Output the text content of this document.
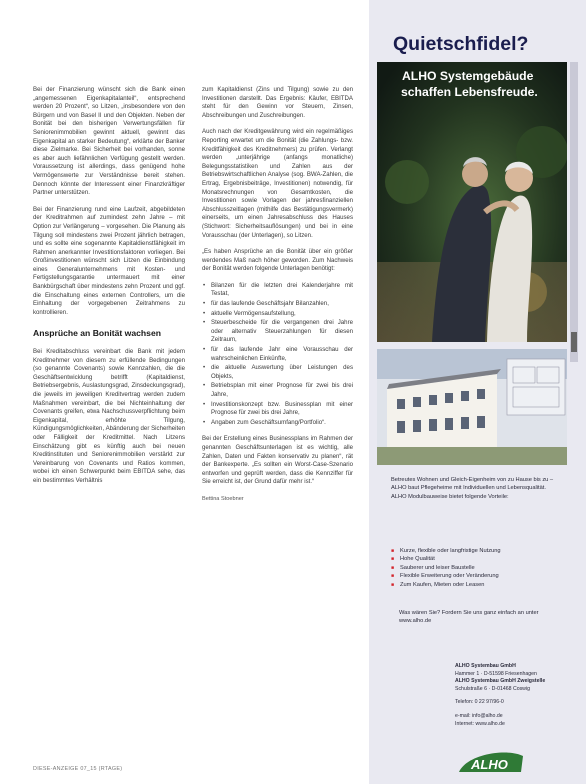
Bei der Finanzierung wünscht sich die Bank einen „angemessenen Eigenkapitalanteil“, entsprechend werden 20 Prozent“, so Litzen, „insbesondere von den Bürgern und von Basel II und den Objekten. Neben der Bonität bei den bisherigen Verwertungsfällen für Seniorenimmobilien gewinnt aktuell, gewinnt das Eigenkapital an starker Bedeutung“, erklärte der Banker diese Zielmarke. Bei Sicherheit bei vorhanden, sonne es aber auch liefähnlichen Verfügung gestellt werden. Voraussetzung ist allerdings, dass genügend hohe Vermögenswerte zur Verständnisse bereit stehen. Dennoch könnte der Interessent einer Finanzkräftiger Partner unterstützen.

Bei der Finanzierung rund eine Laufzeit, abgebildeten der Kreditrahmen auf zumindest zehn Jahre – mit Option zur Verlängerung – vorgesehen. Die Planung als Tilgung soll mindestens zwei Prozent jährlich betragen, und es sollte eine sogenannte Kapitaldienstfähigkeit im Rahmen anerkannter Investitionsfaktoren vorliegen. Bei Großinvestitionen wünscht sich Litzen die Einbindung eines Generalunternehmens mit Kosten- und Fertigstellungsgarantie untermauert mit einer Bankbürgschaft über mindestens zehn Prozent und ggf. die Einschaltung eines externen Controllers, um die Einhaltung der vorgegebenen Zeitrahmens zu kontrollieren.

Ansprüche an Bonität wachsen

Bei Kreditabschluss vereinbart die Bank mit jedem Kreditnehmer von diesem zu erfüllende Bedingungen (so genannte Covenants) sowie Kennzahlen, die die Geschäftsentwicklung betrifft (Kapitaldienst, Betriebsergebnis, Auslastungsgrad, Zinsdeckungsgrad), die jeweils im jeweiligen Kreditvertrag werden zudem Maßnahmen vereinbart, die bei Nichteinhaltung der Covenants greifen, etwa Nachschussverpflichtung beim Eigenkapital, erhöhte Tilgung, Kündigungsmöglichkeiten, Abänderung der Sicherheiten oder Fälligkeit der Kreditmittel. Nach Litzens Einschätzung gibt es künftig auch bei neuen Kreditinstituten und Seniorenimmobilien verstärkt zur Vereinbarung von Covenants und Ratios kommen, wobei ich einen Schwerpunkt beim EBITDA sehe, das ein bestimmtes Verhältnis

zum Kapitaldienst (Zins und Tilgung) sowie zu den Investitionen darstellt. Das Ergebnis: Käufer, EBITDA steht für den Gewinn vor Steuern, Zinsen, Abschreibungen und Zuschreibungen.

Auch nach der Kreditgewährung wird ein regelmäßiges Reporting erwartet um die Bonität (die Zahlungs- bzw. Kreditfähigkeit des Kreditnehmers) zu prüfen. Verlangt werden „unterjährige (anfangs monatliche) Belegungsstatistiken und Zahlen aus der Betriebswirtschaftlichen Analyse (sog. BWA-Zahlen, die Ertrag, Ergebnisbeiträge, Investitionen) notwendig, für Monatsrechnungen von Gesamtkosten, die Investitionen sowie Vorlagen der jahresfinanziellen Abschlusszeitlagen (mithilfe das Bestätigungsvermerk) einerseits, um einen Jahresabschluss des Hauses (Stichwort: Sicherheitsauflösungen) und bei in eine Vorausschau (der Unterlagen), so Litzen.

„Es haben Ansprüche an die Bonität über ein größer werdendes Maß nach höher geworden. Zum Nachweis der Bonität werden folgende Unterlagen benötigt:

• Bilanzen für die letzten drei Kalenderjahre mit Testat,
• für das laufende Geschäftsjahr Bilanzahlen,
• aktuelle Vermögensaufstellung,
• Steuerbescheide für die vergangenen drei Jahre oder alternativ Steuerzahlungen für diesen Zeitraum,
• für das laufende Jahr eine Vorausschau der wahrscheinlichen Einkünfte,
• die aktuelle Auswertung über Leistungen des Objekts,
• Betriebsplan mit einer Prognose für zwei bis drei Jahre,
• Investitionskonzept bzw. Businessplan mit einer Prognose für zwei bis drei Jahre,
• Angaben zum Geschäftsumfang/Portfolio“.

Bei der Erstellung eines Businessplans im Rahmen der genannten Geschäftsunterlagen ist es wichtig, alle Zahlen, Daten und Fakten konservativ zu planen“, rät der Bankexperte. „Es sollten ein Worst-Case-Szenario entworfen und geprüft werden, dass die Kennziffer für Sie erreicht ist, der Grund dafür mehr ist.“

Bettina Stoebner

DIESE-ANZEIGE 07_15 (RTAGE)
Quietschfidel?
ALHO Systemgebäude
schaffen Lebensfreude.
Betreutes Wohnen und Gleich-Eigenheim von zu Hause bis zu – ALHO baut Pflegeheime mit Individuellen und Lebensqualität. ALHO Modulbauweise bietet folgende Vorteile:
■ Kurze, flexible oder langfristige Nutzung
■ Hohe Qualität
■ Sauberer und leiser Baustelle
■ Flexible Erweiterung oder Veränderung
■ Zum Kaufen, Mieten oder Leasen
Was wären Sie? Fordern Sie uns ganz einfach an unter www.alho.de
ALHO Systembau GmbH
Hammer 1 · D-51598 Friesenhagen
ALHO Systembau GmbH Zweigstelle
Schulstraße 6 · D-01468 Coswig
Telefon: 0 22 97/96-0
e-mail: info@alho.de
Internet: www.alho.de
ALHO
